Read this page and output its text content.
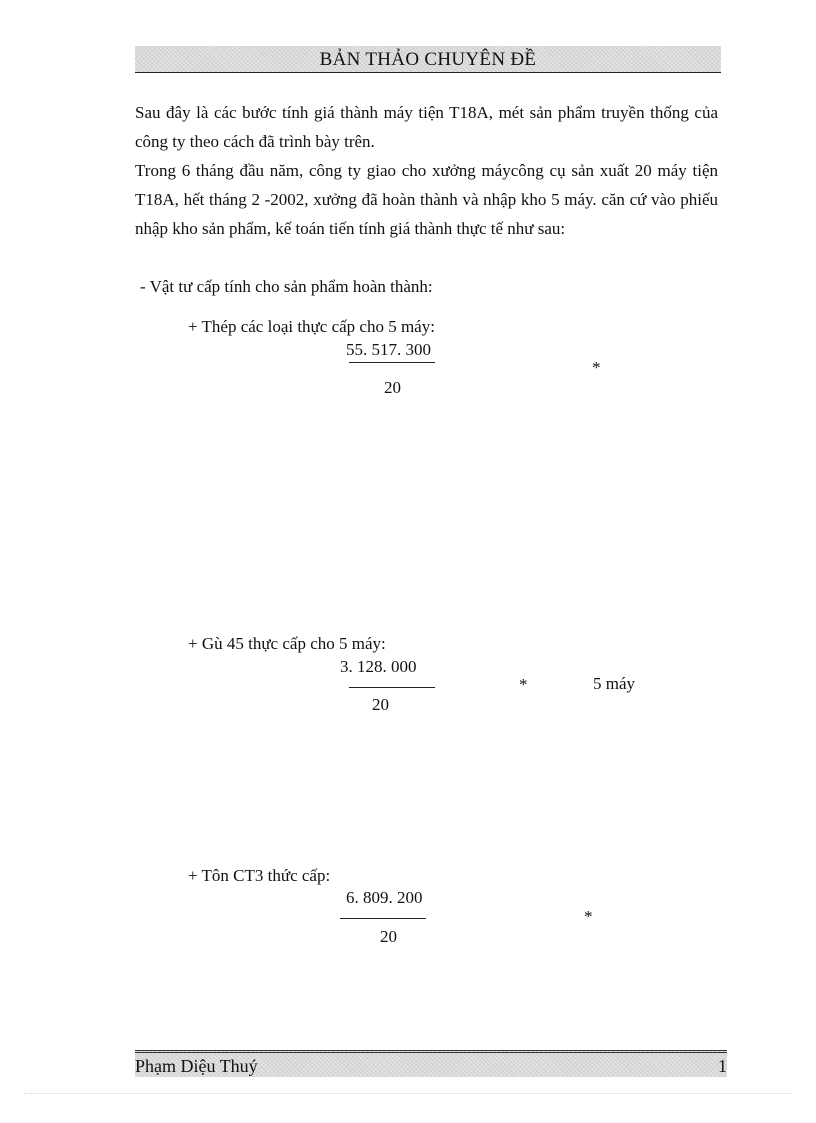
BẢN THẢO CHUYÊN ĐỀ

Sau đây là các bước tính giá thành máy tiện T18A, mét sản phẩm truyền thống của công ty theo cách đã trình bày trên.

Trong 6 tháng đầu năm, công ty giao cho xưởng máycông cụ sản xuất 20 máy tiện T18A, hết tháng 2 -2002, xưởng đã hoàn thành và nhập kho 5 máy. căn cứ vào phiếu nhập kho sản phẩm, kế toán tiến tính giá thành thực tế như sau:

- Vật tư cấp tính cho sản phẩm hoàn thành:

+ Thép các loại thực cấp cho 5 máy:
55. 517. 300
20
*
+ Gù 45 thực cấp cho 5 máy:
3. 128. 000
20
*	5 máy
+ Tôn CT3 thức cấp:
6. 809. 200
20
*
Phạm Diệu Thuý	1
